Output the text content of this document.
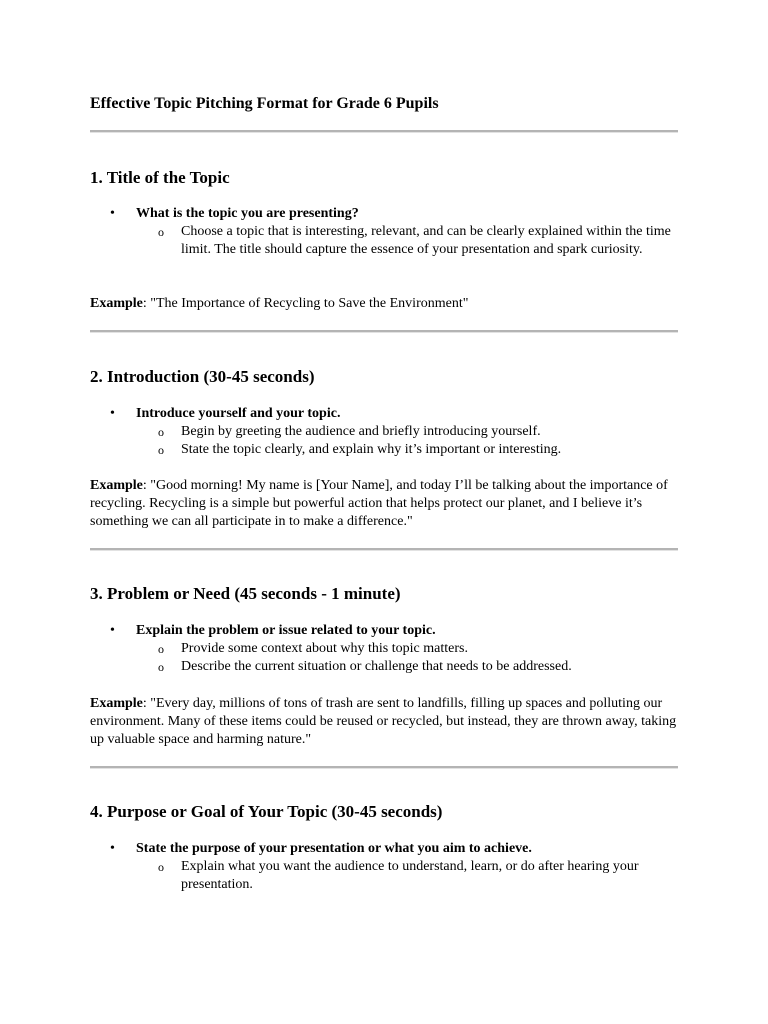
Effective Topic Pitching Format for Grade 6 Pupils
1. Title of the Topic
•	What is the topic you are presenting?
o Choose a topic that is interesting, relevant, and can be clearly explained within the time limit. The title should capture the essence of your presentation and spark curiosity.

Example: "The Importance of Recycling to Save the Environment"

2. Introduction (30-45 seconds)
•	Introduce yourself and your topic.
o Begin by greeting the audience and briefly introducing yourself.
o State the topic clearly, and explain why it’s important or interesting.

Example: "Good morning! My name is [Your Name], and today I’ll be talking about the importance of recycling. Recycling is a simple but powerful action that helps protect our planet, and I believe it’s something we can all participate in to make a difference."

3. Problem or Need (45 seconds - 1 minute)
•	Explain the problem or issue related to your topic.
o Provide some context about why this topic matters.
o Describe the current situation or challenge that needs to be addressed.

Example: "Every day, millions of tons of trash are sent to landfills, filling up spaces and polluting our environment. Many of these items could be reused or recycled, but instead, they are thrown away, taking up valuable space and harming nature."

4. Purpose or Goal of Your Topic (30-45 seconds)
•	State the purpose of your presentation or what you aim to achieve.
o Explain what you want the audience to understand, learn, or do after hearing your presentation.
